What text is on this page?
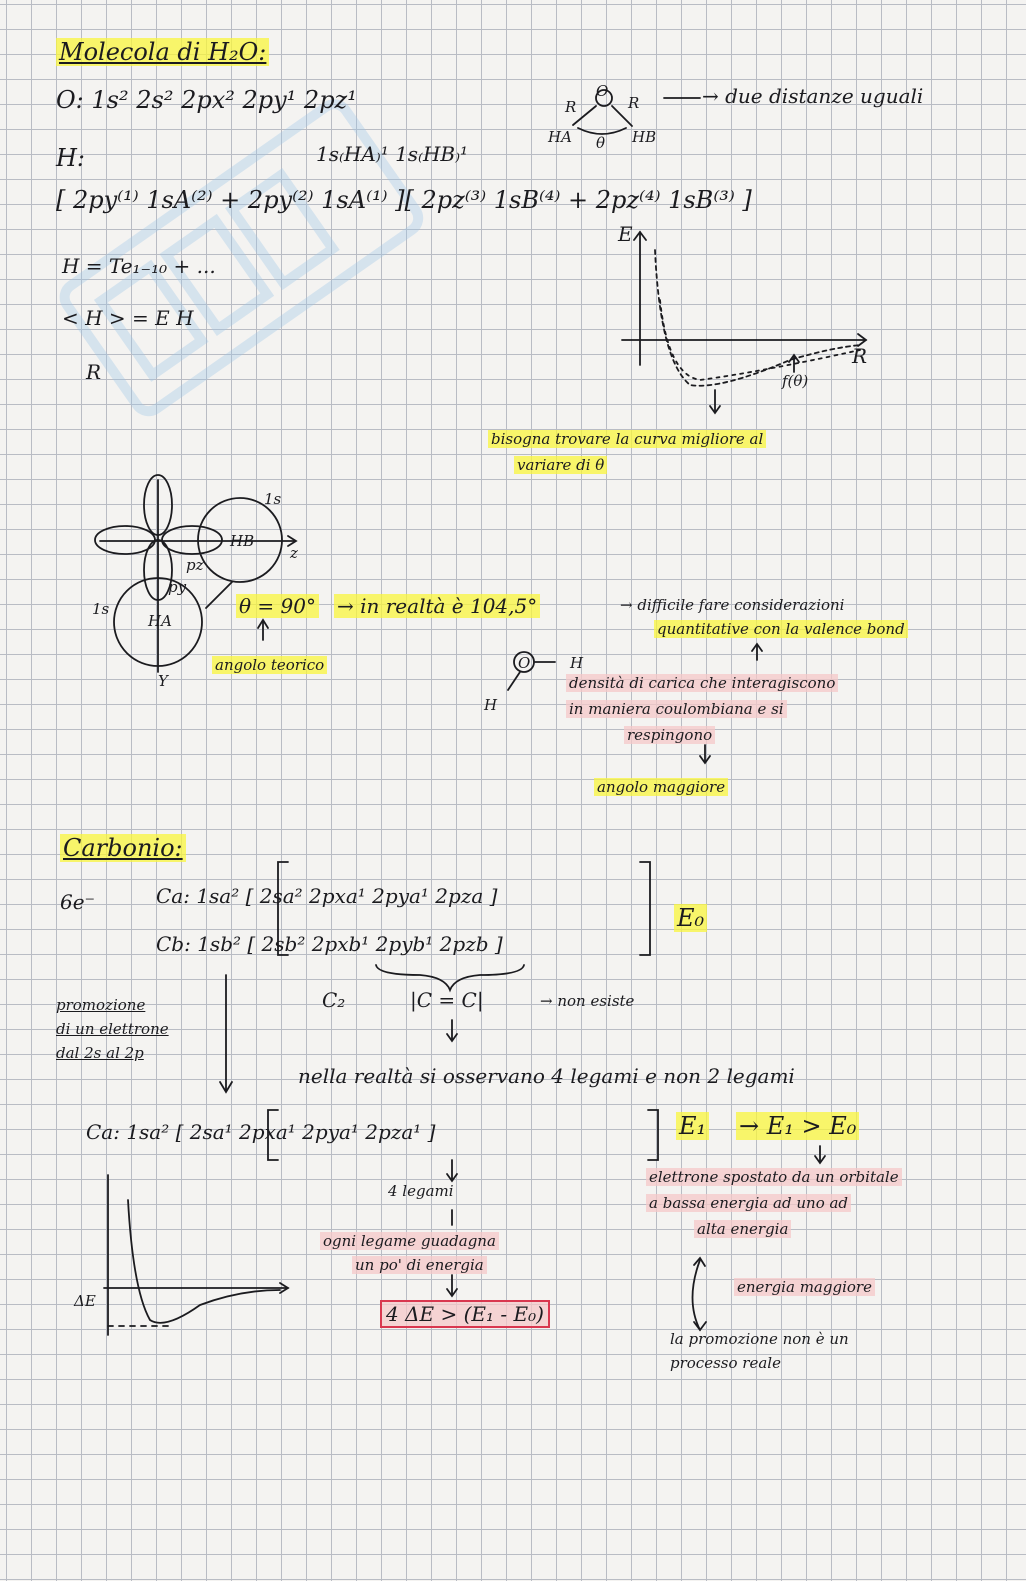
Molecola di H₂O:
O: 1s² 2s² 2px² 2py¹ 2pz¹
H:	1s₍HA₎¹ 1s₍HB₎¹
O
R	R
HA θ HB
→ due distanze uguali
[ 2py⁽¹⁾ 1sA⁽²⁾ + 2py⁽²⁾ 1sA⁽¹⁾ ][ 2pz⁽³⁾ 1sB⁽⁴⁾ + 2pz⁽⁴⁾ 1sB⁽³⁾ ]
H = Te₁₋₁₀ + ...
< H > = E H
R
E
R
f(θ)
bisogna trovare la curva migliore al
variare di θ
1s
HB
pz
z
py
1s
HA
Y
θ = 90°
angolo teorico
→ in realtà è 104,5°	→ difficile fare considerazioni
quantitative con la valence bond
O	H
H
densità di carica che interagiscono
in maniera coulombiana e si
respingono
angolo maggiore
Carbonio:
6e⁻	Ca: 1sa² [ 2sa² 2pxa¹ 2pya¹ 2pza ]
Cb: 1sb² [ 2sb² 2pxb¹ 2pyb¹ 2pzb ]
E₀
C₂	|C = C|	→ non esiste
promozione
di un elettrone
dal 2s al 2p
nella realtà si osservano 4 legami e non 2 legami
Ca: 1sa² [ 2sa¹ 2pxa¹ 2pya¹ 2pza¹ ]	E₁ → E₁ > E₀
4 legami
ogni legame guadagna
un po' di energia
4 ΔE > (E₁ - E₀)
elettrone spostato da un orbitale
a bassa energia ad uno ad
alta energia
energia maggiore
la promozione non è un
processo reale
ΔE
